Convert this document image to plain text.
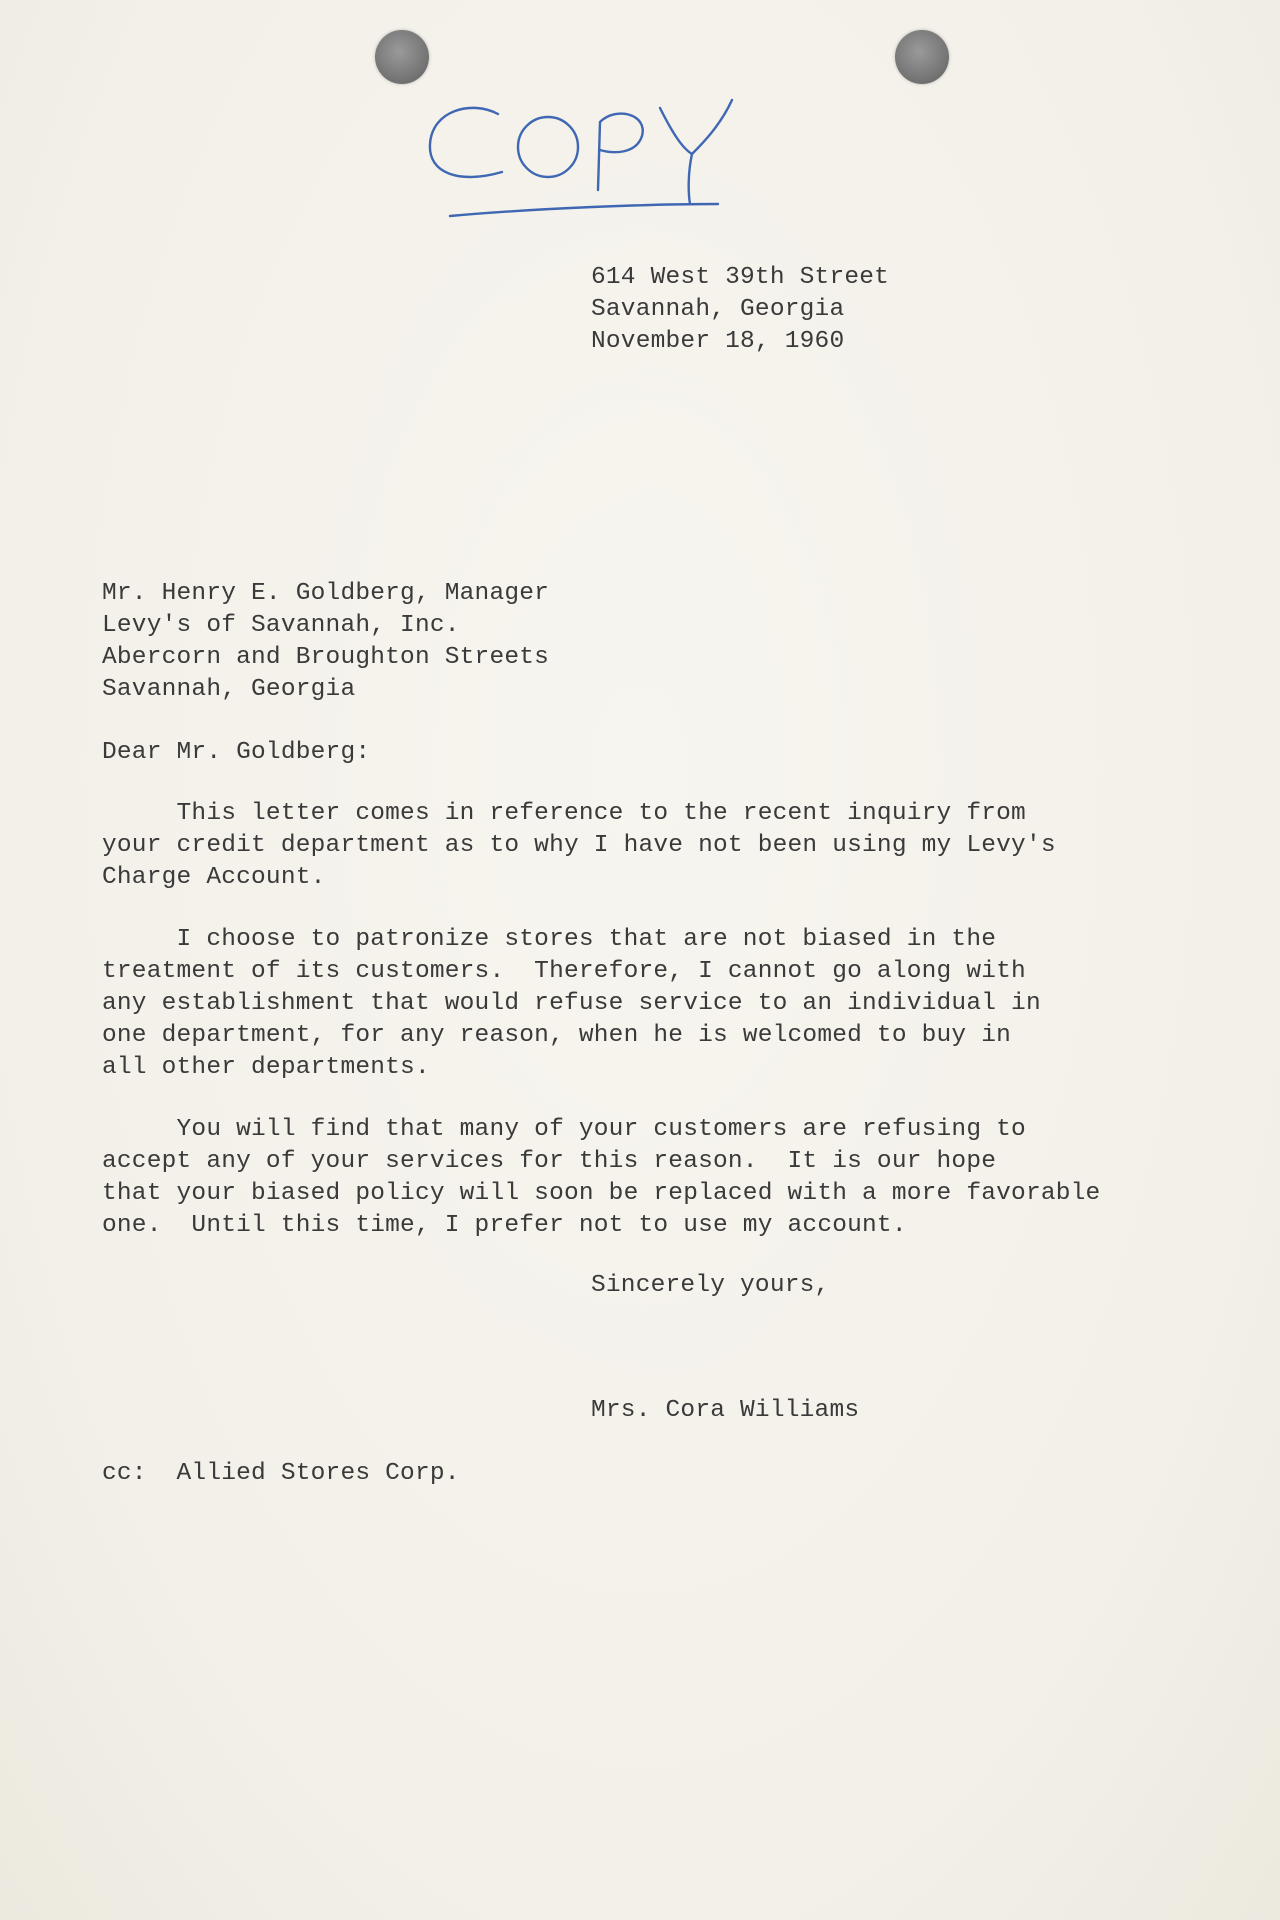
614 West 39th Street
Savannah, Georgia
November 18, 1960
Mr. Henry E. Goldberg, Manager
Levy's of Savannah, Inc.
Abercorn and Broughton Streets
Savannah, Georgia
Dear Mr. Goldberg:
This letter comes in reference to the recent inquiry from
your credit department as to why I have not been using my Levy's
Charge Account.
I choose to patronize stores that are not biased in the
treatment of its customers.  Therefore, I cannot go along with
any establishment that would refuse service to an individual in
one department, for any reason, when he is welcomed to buy in
all other departments.
You will find that many of your customers are refusing to
accept any of your services for this reason.  It is our hope
that your biased policy will soon be replaced with a more favorable
one.  Until this time, I prefer not to use my account.
Sincerely yours,
Mrs. Cora Williams
cc:  Allied Stores Corp.
